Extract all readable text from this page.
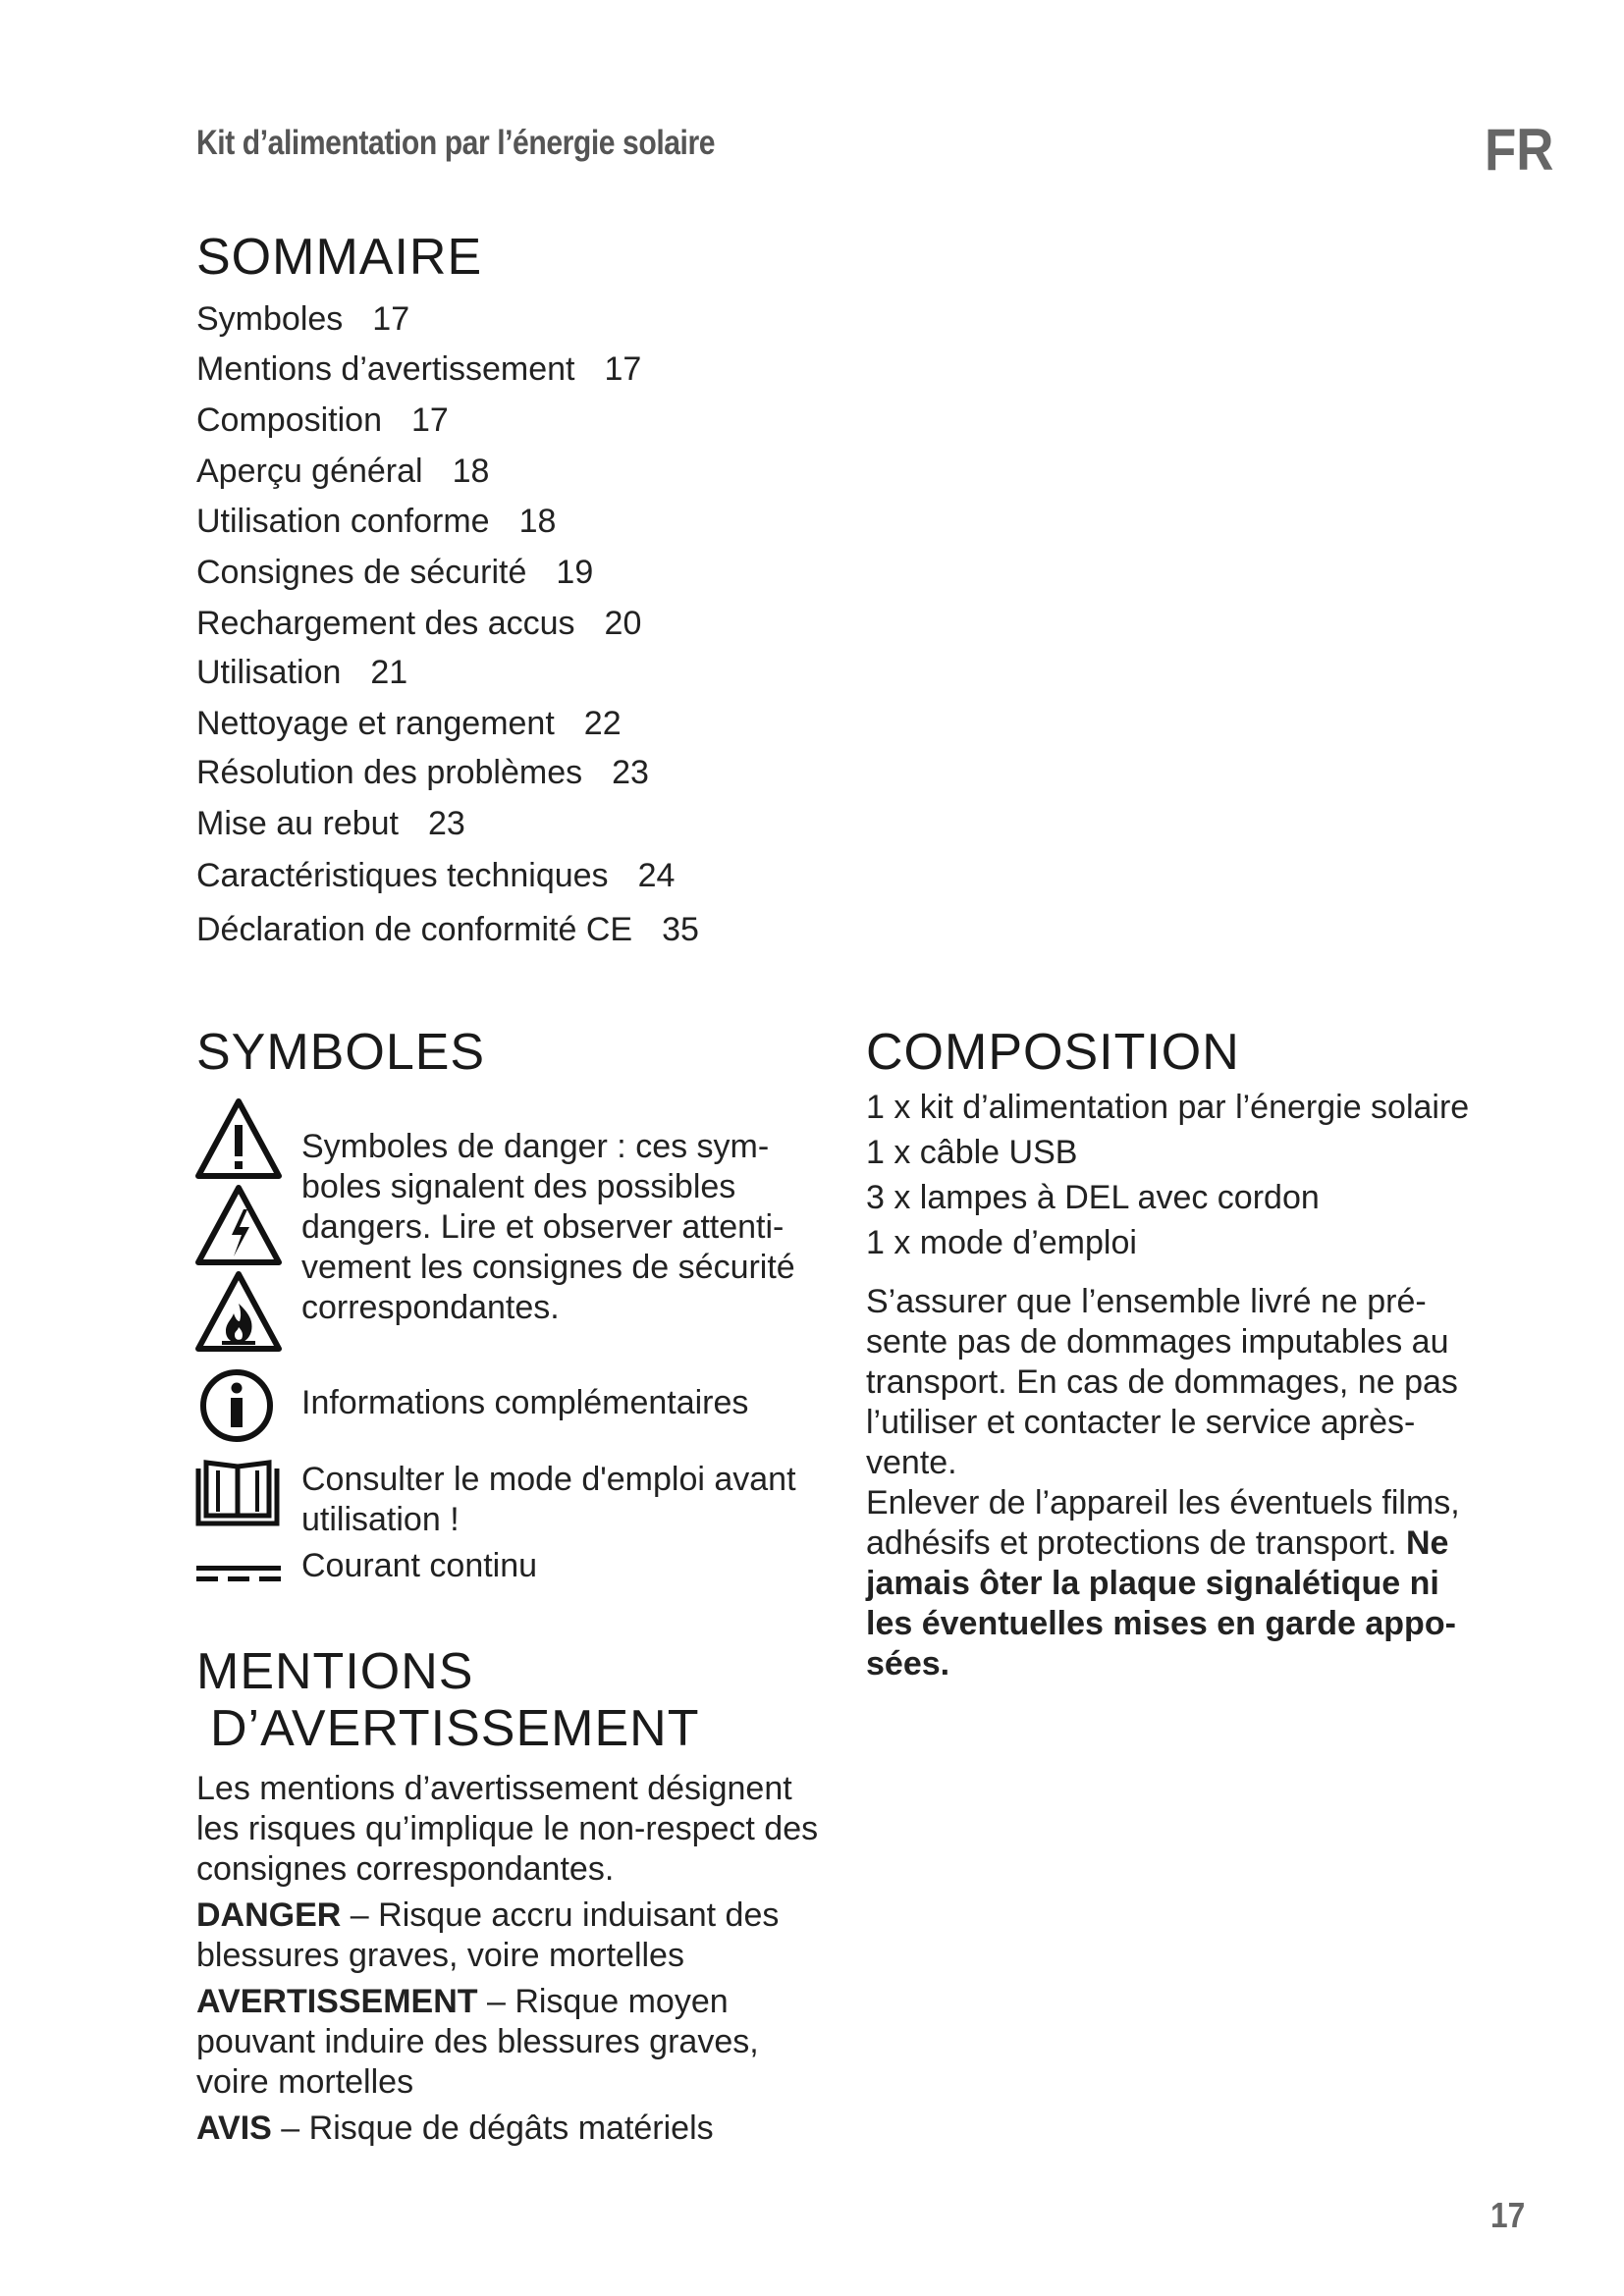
Kit d’alimentation par l’énergie solaire	FR
SOMMAIRE
Symboles 17
Mentions d’avertissement 17
Composition 17
Aperçu général 18
Utilisation conforme 18
Consignes de sécurité 19
Rechargement des accus 20
Utilisation 21
Nettoyage et rangement 22
Résolution des problèmes 23
Mise au rebut 23
Caractéristiques techniques 24
Déclaration de conformité CE 35
SYMBOLES
Symboles de danger : ces sym-
boles signalent des possibles
dangers. Lire et observer attenti-
vement les consignes de sécurité
correspondantes.
Informations complémentaires
Consulter le mode d'emploi avant
utilisation !
Courant continu
MENTIONS
D’AVERTISSEMENT
Les mentions d’avertissement désignent
les risques qu’implique le non-respect des
consignes correspondantes.
DANGER – Risque accru induisant des
blessures graves, voire mortelles
AVERTISSEMENT – Risque moyen
pouvant induire des blessures graves,
voire mortelles
AVIS – Risque de dégâts matériels
COMPOSITION
1 x kit d’alimentation par l’énergie solaire
1 x câble USB
3 x lampes à DEL avec cordon
1 x mode d’emploi
S’assurer que l’ensemble livré ne pré-
sente pas de dommages imputables au
transport. En cas de dommages, ne pas
l’utiliser et contacter le service après-
vente.
Enlever de l’appareil les éventuels films,
adhésifs et protections de transport. Ne
jamais ôter la plaque signalétique ni
les éventuelles mises en garde appo-
sées.
17
